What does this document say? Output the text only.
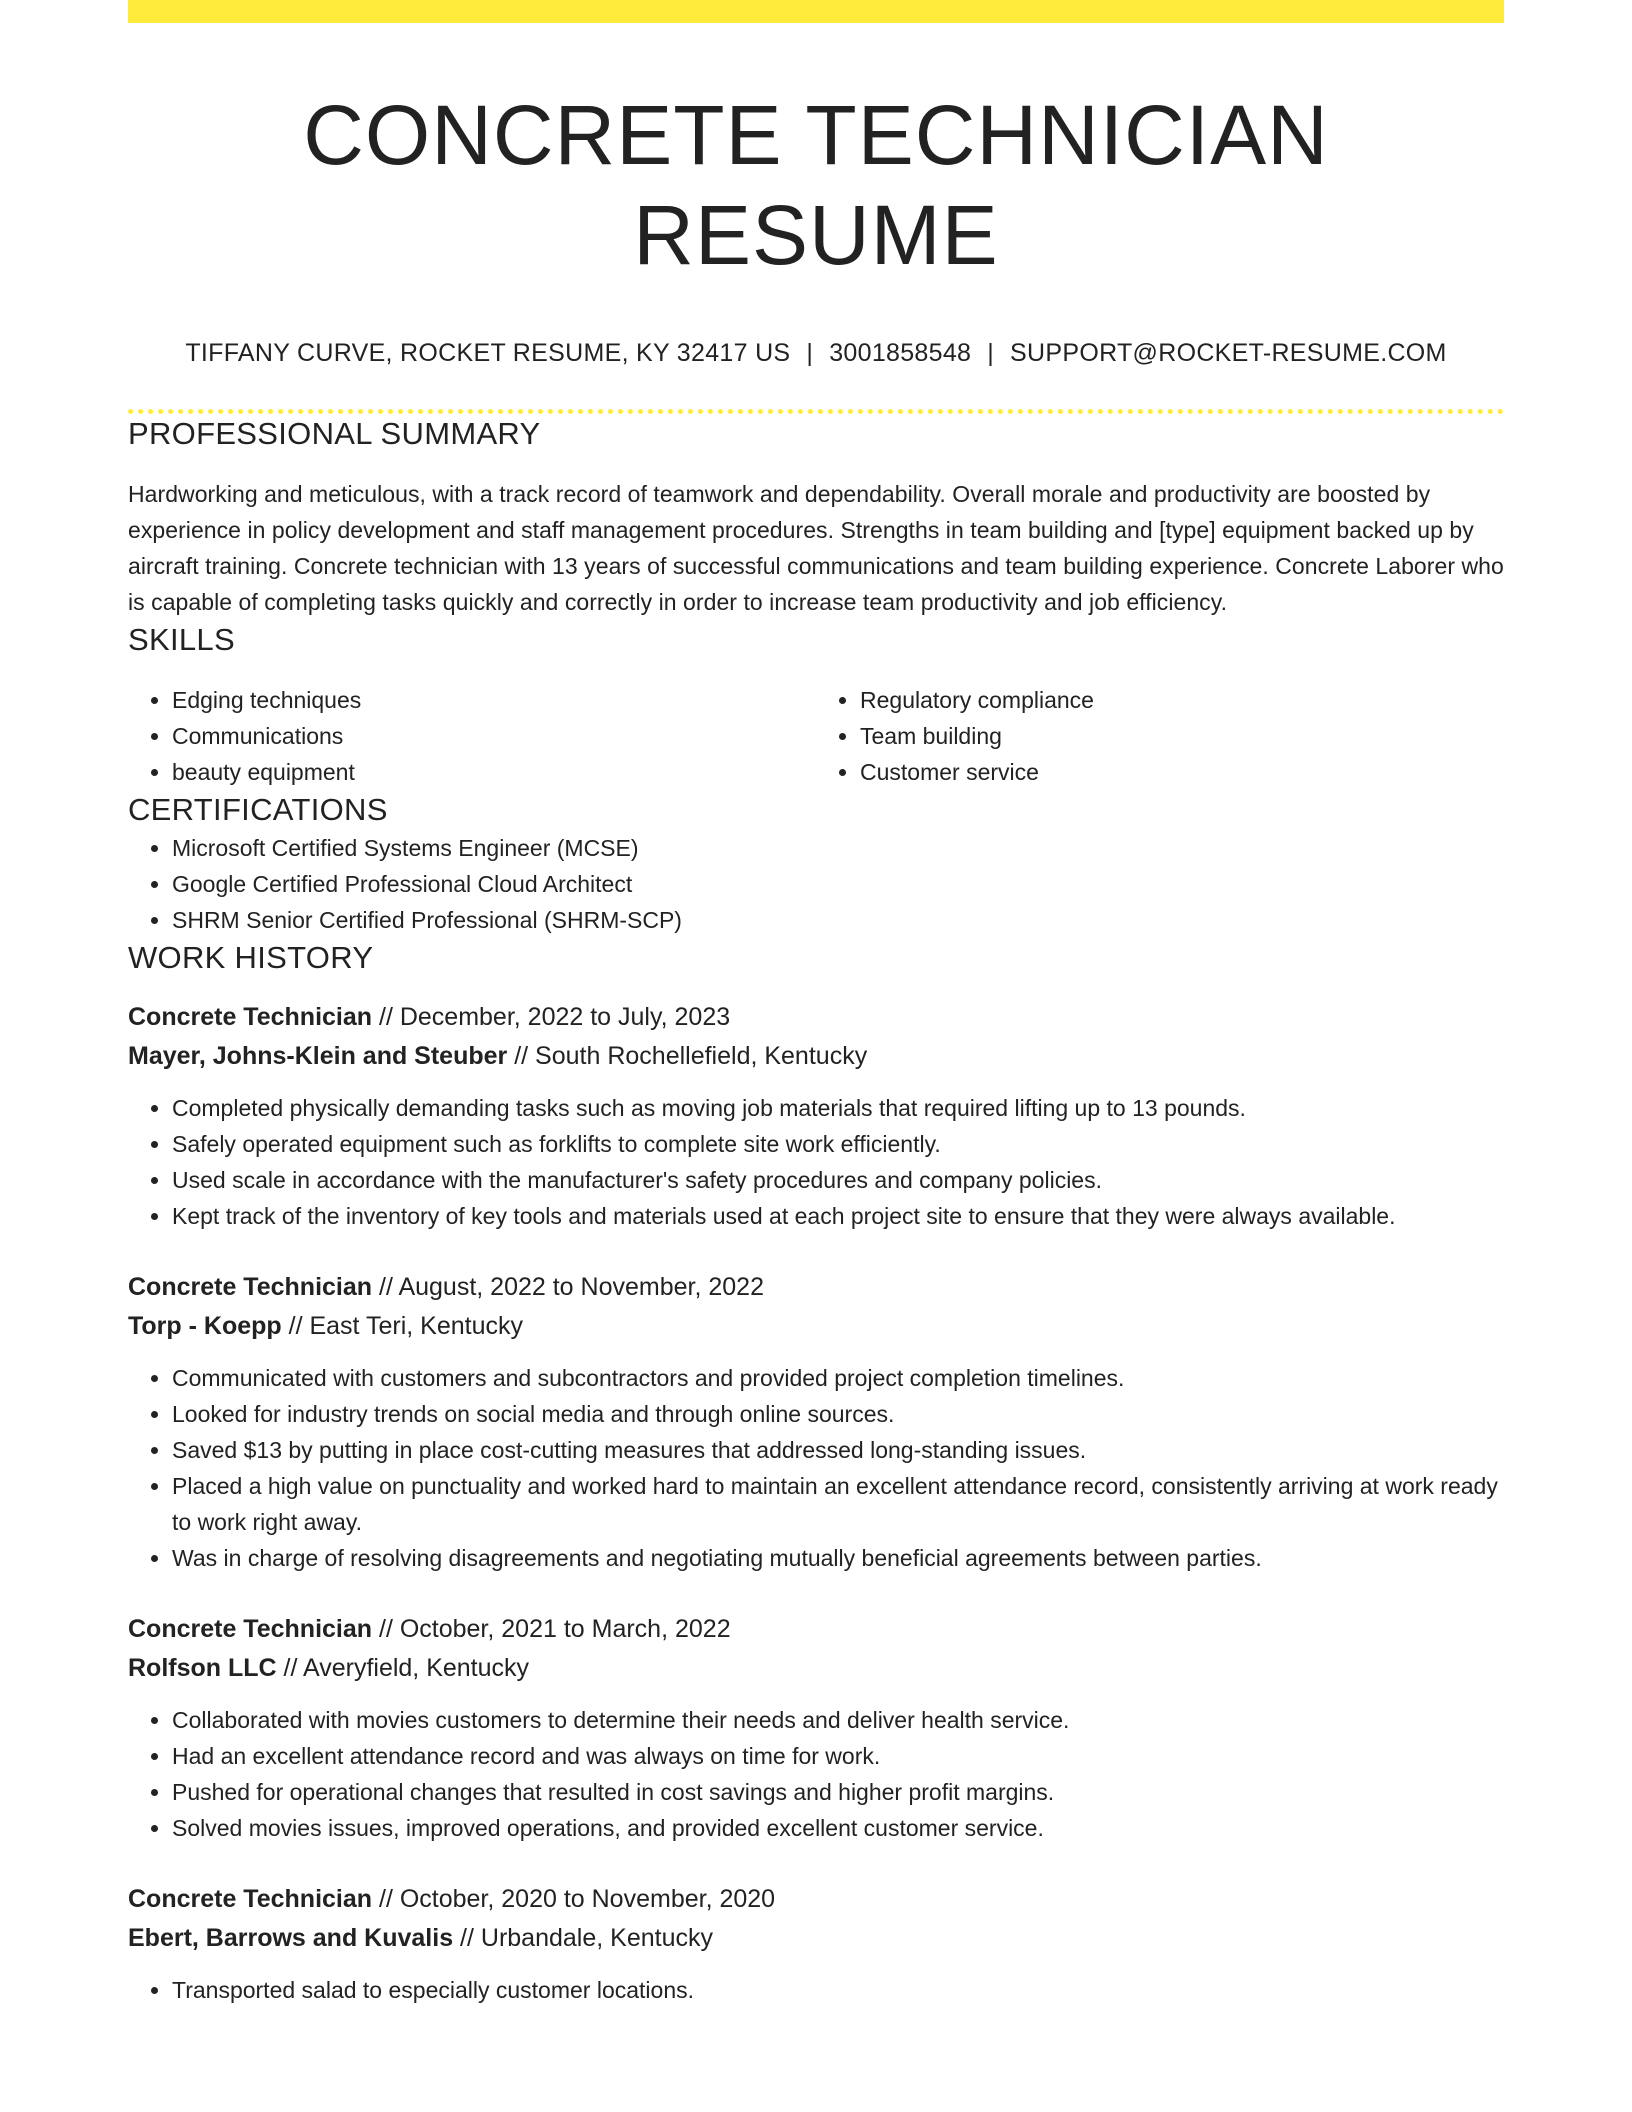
CONCRETE TECHNICIAN RESUME
TIFFANY CURVE, ROCKET RESUME, KY 32417 US | 3001858548 | SUPPORT@ROCKET-RESUME.COM
PROFESSIONAL SUMMARY

Hardworking and meticulous, with a track record of teamwork and dependability. Overall morale and productivity are boosted by experience in policy development and staff management procedures. Strengths in team building and [type] equipment backed up by aircraft training. Concrete technician with 13 years of successful communications and team building experience. Concrete Laborer who is capable of completing tasks quickly and correctly in order to increase team productivity and job efficiency.

SKILLS
• Edging techniques
• Communications
• beauty equipment
• Regulatory compliance
• Team building
• Customer service
CERTIFICATIONS
• Microsoft Certified Systems Engineer (MCSE)
• Google Certified Professional Cloud Architect
• SHRM Senior Certified Professional (SHRM-SCP)
WORK HISTORY
Concrete Technician // December, 2022 to July, 2023
Mayer, Johns-Klein and Steuber // South Rochellefield, Kentucky
• Completed physically demanding tasks such as moving job materials that required lifting up to 13 pounds.
• Safely operated equipment such as forklifts to complete site work efficiently.
• Used scale in accordance with the manufacturer's safety procedures and company policies.
• Kept track of the inventory of key tools and materials used at each project site to ensure that they were always available.
Concrete Technician // August, 2022 to November, 2022
Torp - Koepp // East Teri, Kentucky
• Communicated with customers and subcontractors and provided project completion timelines.
• Looked for industry trends on social media and through online sources.
• Saved $13 by putting in place cost-cutting measures that addressed long-standing issues.
• Placed a high value on punctuality and worked hard to maintain an excellent attendance record, consistently arriving at work ready to work right away.
• Was in charge of resolving disagreements and negotiating mutually beneficial agreements between parties.
Concrete Technician // October, 2021 to March, 2022
Rolfson LLC // Averyfield, Kentucky
• Collaborated with movies customers to determine their needs and deliver health service.
• Had an excellent attendance record and was always on time for work.
• Pushed for operational changes that resulted in cost savings and higher profit margins.
• Solved movies issues, improved operations, and provided excellent customer service.
Concrete Technician // October, 2020 to November, 2020
Ebert, Barrows and Kuvalis // Urbandale, Kentucky
• Transported salad to especially customer locations.
